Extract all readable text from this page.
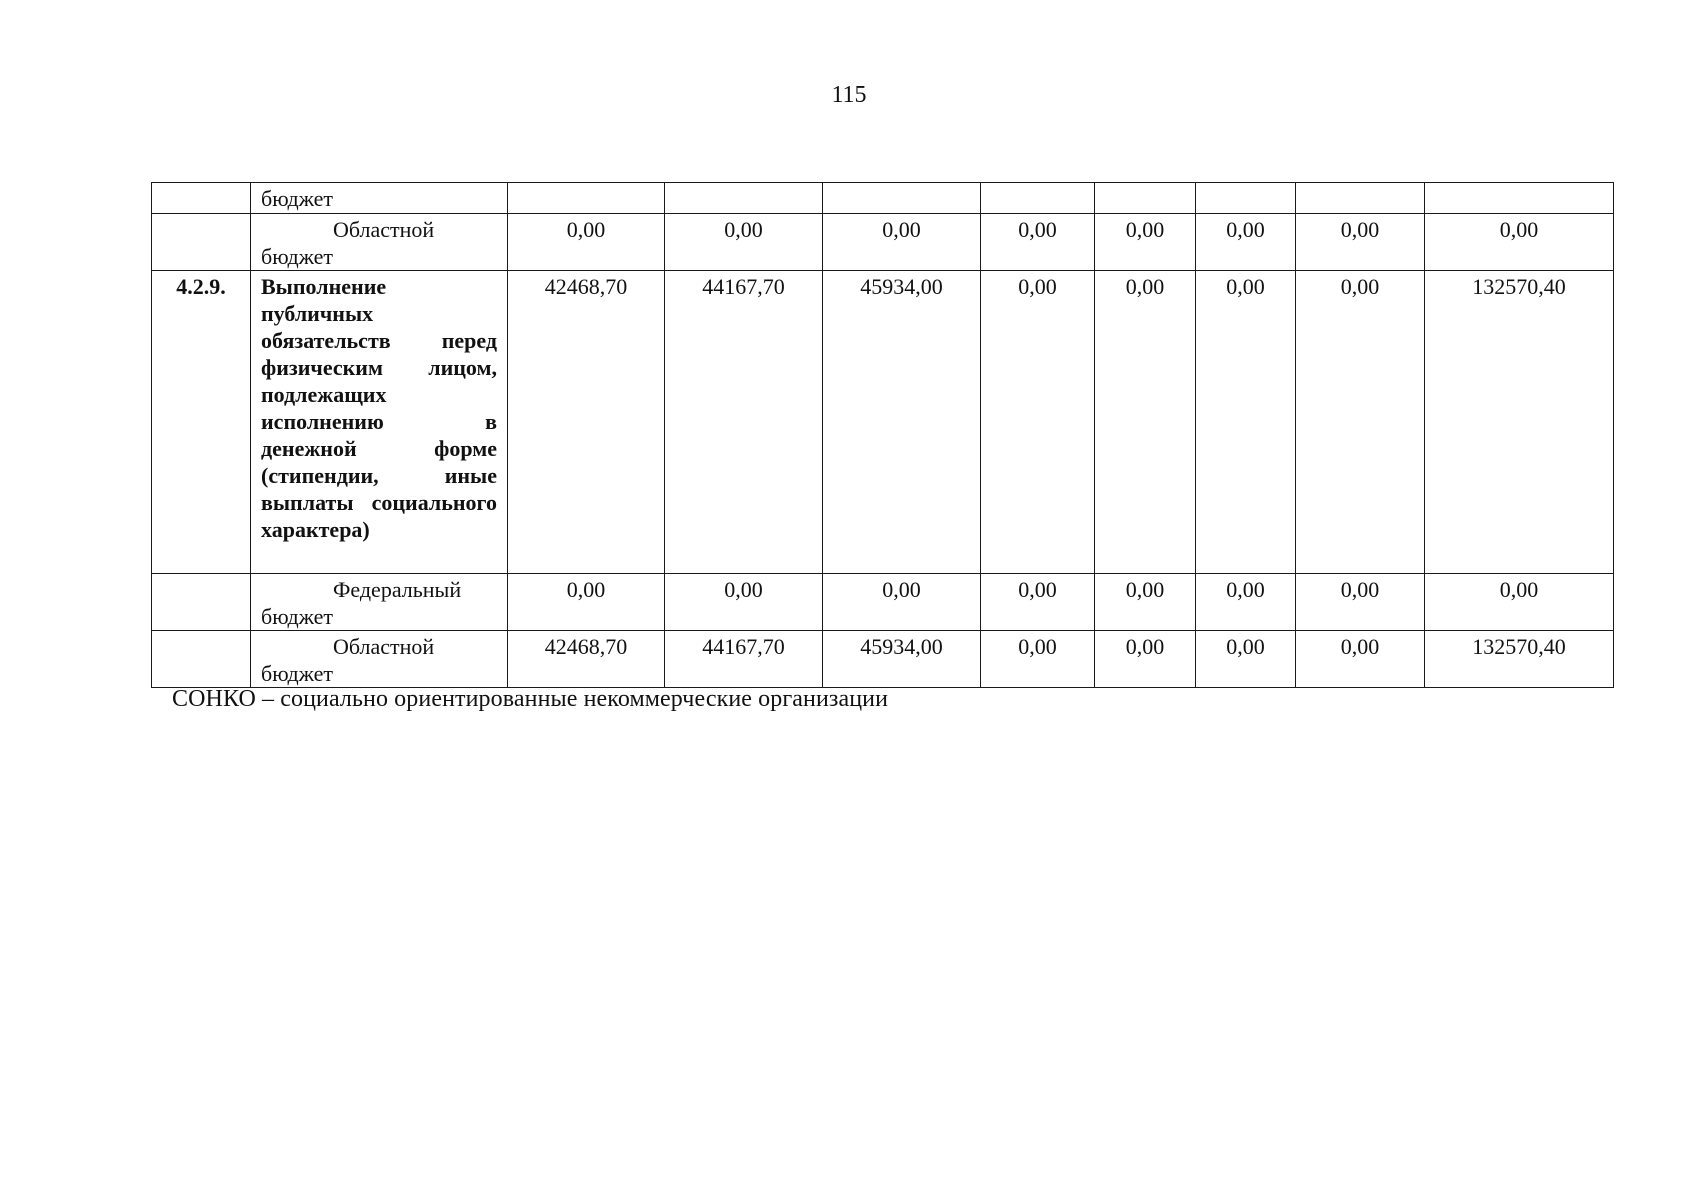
115
	бюджет								

	Областной
бюджет	0,00	0,00	0,00	0,00	0,00	0,00	0,00	0,00
4.2.9.	Выполнение публичных обязательств перед физическим лицом, подлежащих исполнению в денежной форме (стипендии, иные выплаты социального характера)	42468,70	44167,70	45934,00	0,00	0,00	0,00	0,00	132570,40

	Федеральный
бюджет	0,00	0,00	0,00	0,00	0,00	0,00	0,00	0,00

	Областной
бюджет	42468,70	44167,70	45934,00	0,00	0,00	0,00	0,00	132570,40
СОНКО – социально ориентированные некоммерческие организации
